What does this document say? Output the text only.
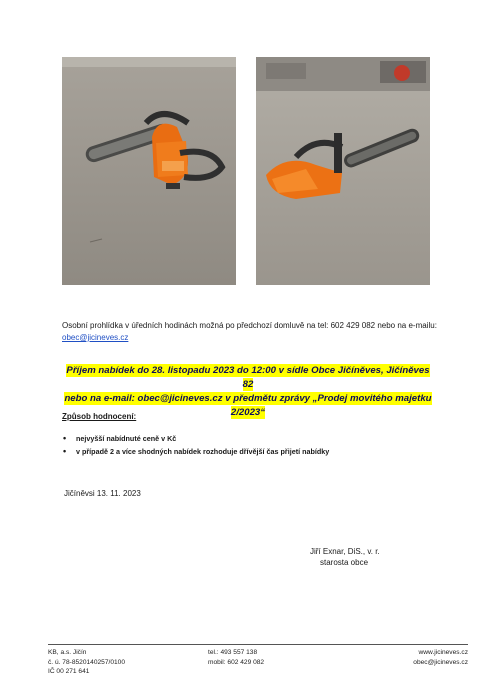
Osobní prohlídka v úředních hodinách možná po předchozí domluvě na tel: 602 429 082 nebo na e-mailu:
obec@jicineves.cz
Příjem nabídek do 28. listopadu 2023 do 12:00 v sídle Obce Jičíněves, Jičíněves 82
nebo na e-mail: obec@jicineves.cz v předmětu zprávy „Prodej movitého majetku
2/2023“
Způsob hodnocení:
• nejvyšší nabídnuté ceně v Kč
• v případě 2 a více shodných nabídek rozhoduje dřívější čas přijetí nabídky
Jičíněvsi 13. 11. 2023
Jiří Exnar, DiS., v. r.
starosta obce
KB, a.s. Jičín
č. ú. 78-8520140257/0100
IČ 00 271 641
tel.: 493 557 138
mobil: 602 429 082
www.jicineves.cz
obec@jicineves.cz
